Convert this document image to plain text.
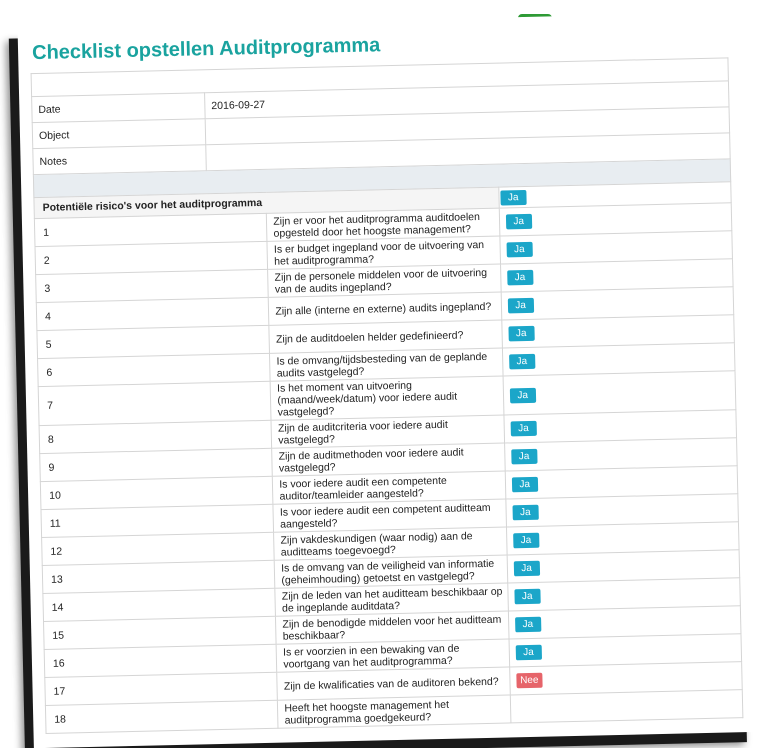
Checklist opstellen Auditprogramma
Date	2016-09-27
Object	
Notes	
Potentiële risico's voor het auditprogramma		Ja
1	Zijn er voor het auditprogramma auditdoelen opgesteld door het hoogste management?	Ja
2	Is er budget ingepland voor de uitvoering van het auditprogramma?	Ja
3	Zijn de personele middelen voor de uitvoering van de audits ingepland?	Ja
4	Zijn alle (interne en externe) audits ingepland?	Ja
5	Zijn de auditdoelen helder gedefinieerd?	Ja
6	Is de omvang/tijdsbesteding van de geplande audits vastgelegd?	Ja
7	Is het moment van uitvoering (maand/week/datum) voor iedere audit vastgelegd?	Ja
8	Zijn de auditcriteria voor iedere audit vastgelegd?	Ja
9	Zijn de auditmethoden voor iedere audit vastgelegd?	Ja
10	Is voor iedere audit een competente auditor/teamleider aangesteld?	Ja
11	Is voor iedere audit een competent auditteam aangesteld?	Ja
12	Zijn vakdeskundigen (waar nodig) aan de auditteams toegevoegd?	Ja
13	Is de omvang van de veiligheid van informatie (geheimhouding) getoetst en vastgelegd?	Ja
14	Zijn de leden van het auditteam beschikbaar op de ingeplande auditdata?	Ja
15	Zijn de benodigde middelen voor het auditteam beschikbaar?	Ja
16	Is er voorzien in een bewaking van de voortgang van het auditprogramma?	Ja
17	Zijn de kwalificaties van de auditoren bekend?	Nee
18	Heeft het hoogste management het auditprogramma goedgekeurd?	
